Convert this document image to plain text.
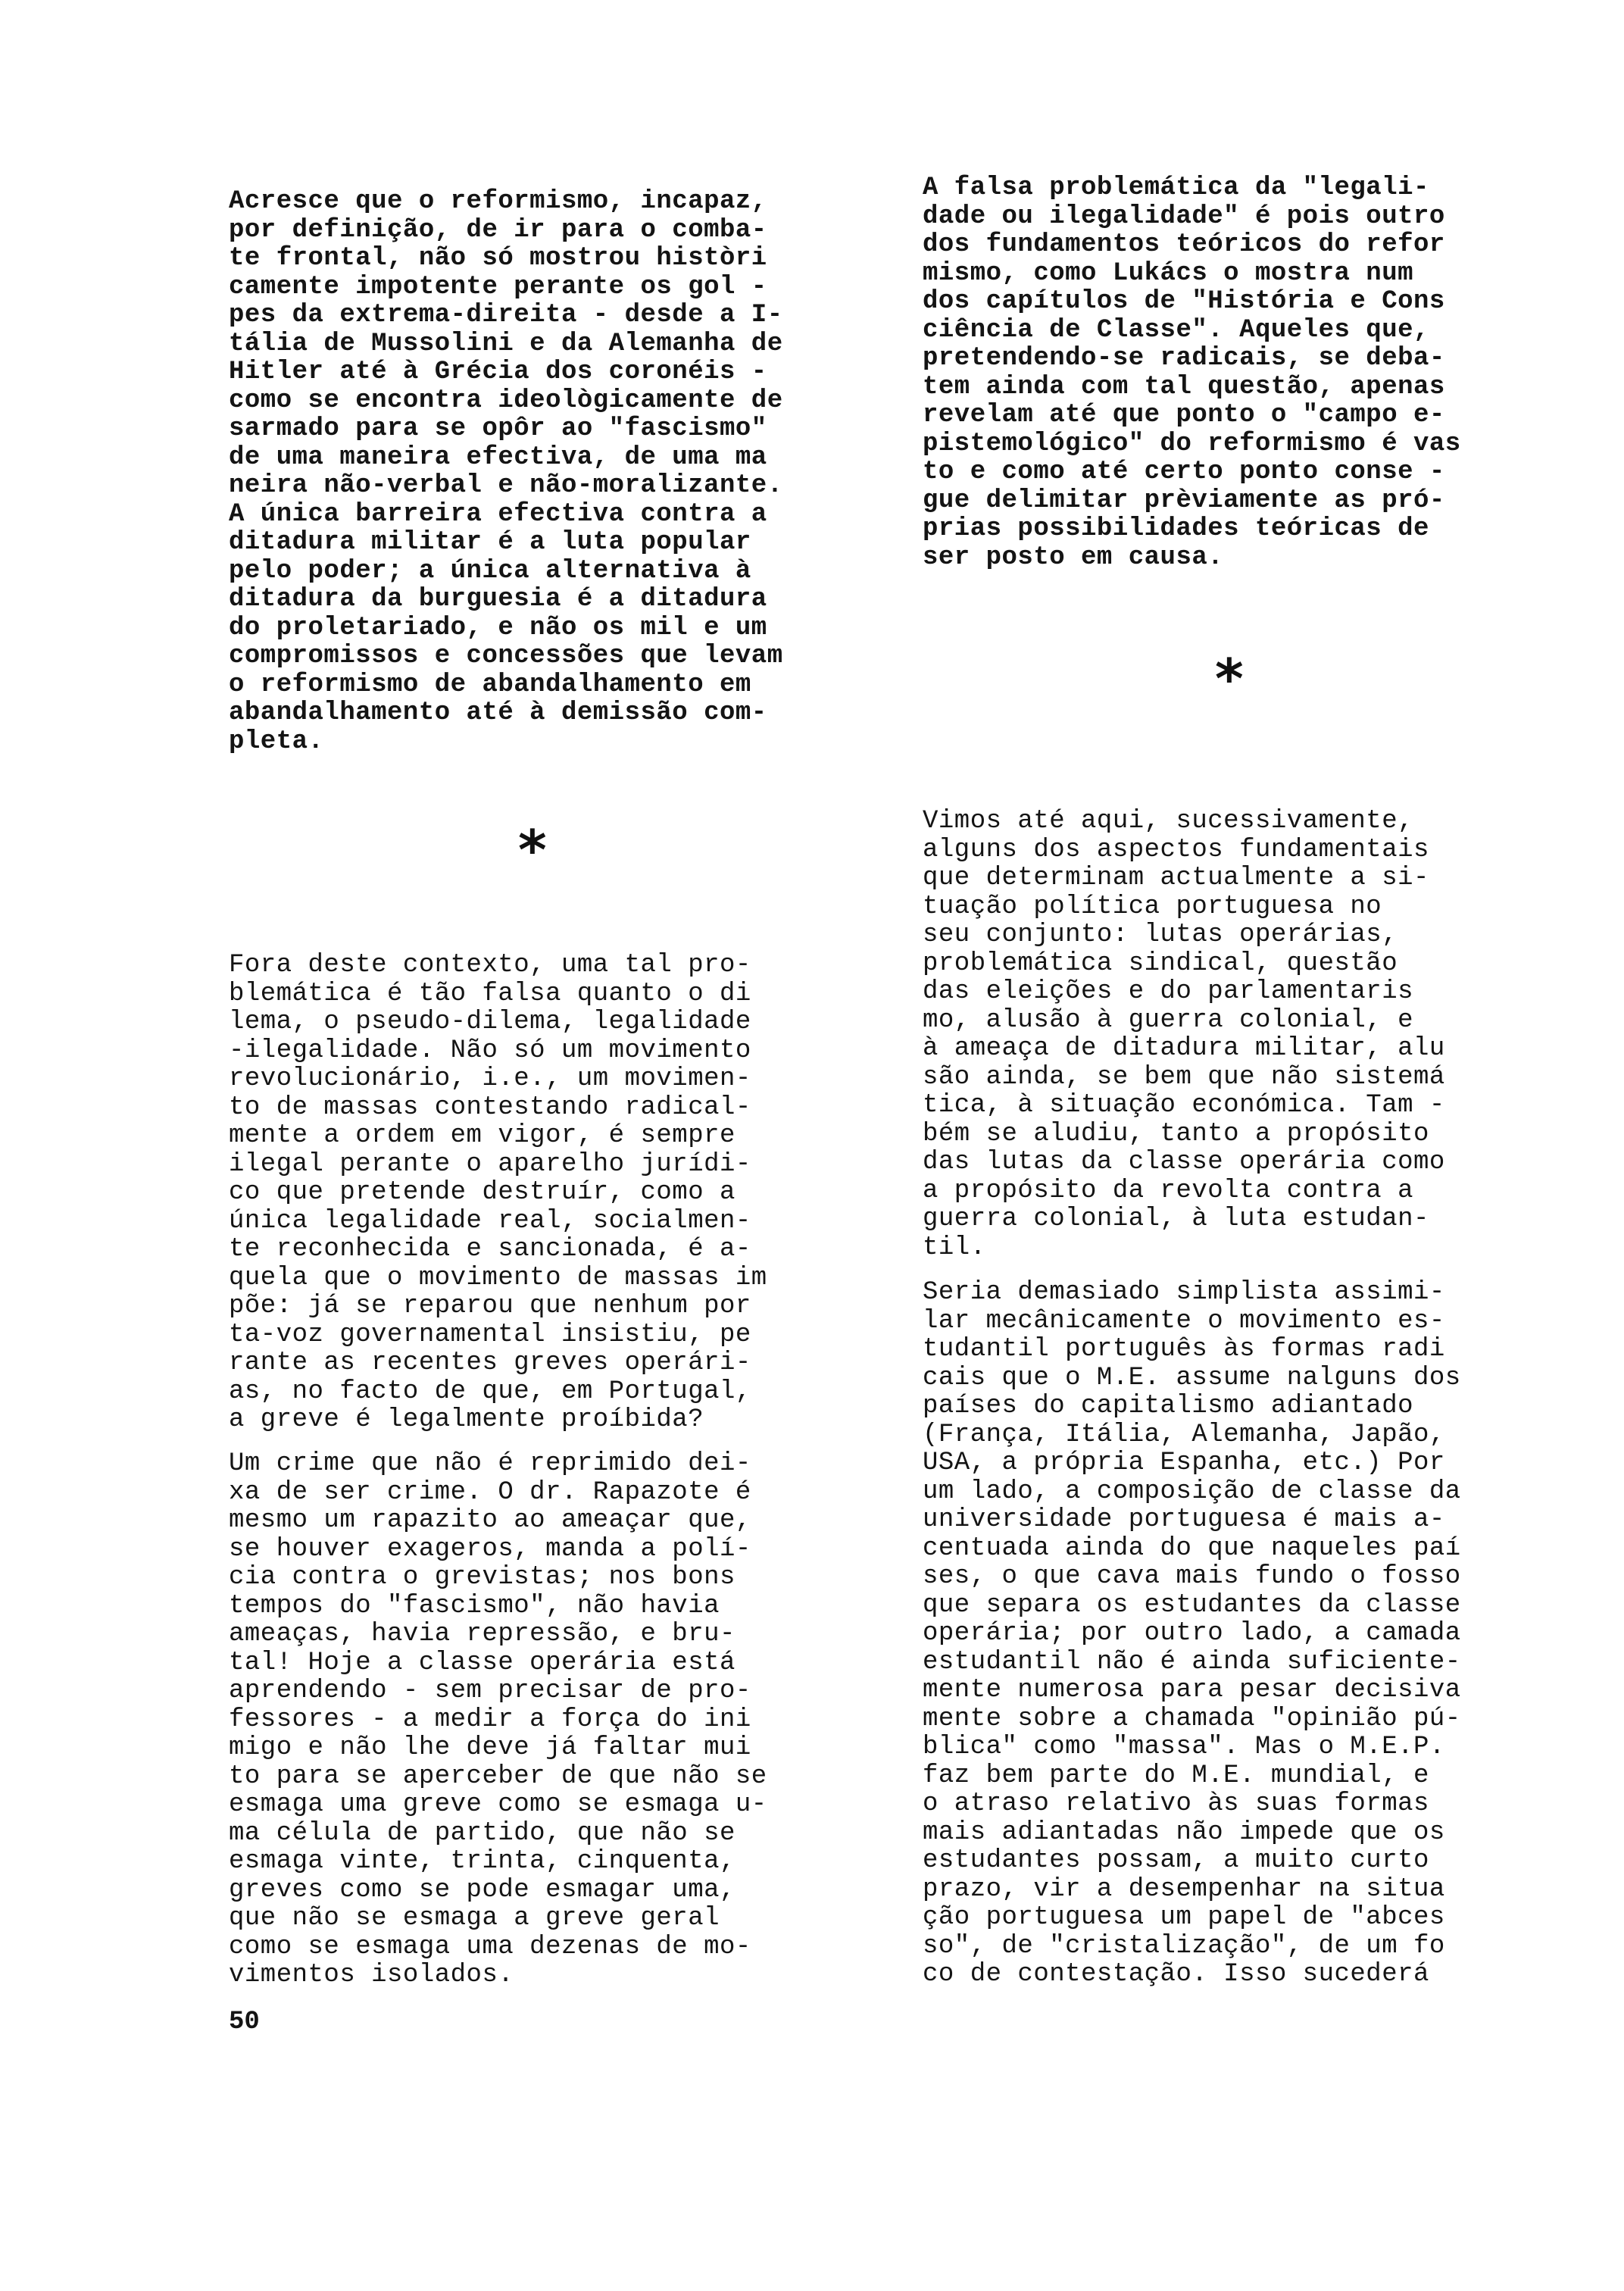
Acresce que o reformismo, incapaz,
por definição, de ir para o comba-
te frontal, não só mostrou històri
camente impotente perante os gol -
pes da extrema-direita - desde a I-
tália de Mussolini e da Alemanha de
Hitler até à Grécia dos coronéis -
como se encontra ideològicamente de
sarmado para se opôr ao "fascismo"
de uma maneira efectiva, de uma ma
neira não-verbal e não-moralizante.
A única barreira efectiva contra a
ditadura militar é a luta popular
pelo poder; a única alternativa à
ditadura da burguesia é a ditadura
do proletariado, e não os mil e um
compromissos e concessões que levam
o reformismo de abandalhamento em
abandalhamento até à demissão com-
pleta.
*
Fora deste contexto, uma tal pro-
blemática é tão falsa quanto o di
lema, o pseudo-dilema, legalidade
-ilegalidade. Não só um movimento
revolucionário, i.e., um movimen-
to de massas contestando radical-
mente a ordem em vigor, é sempre
ilegal perante o aparelho jurídi-
co que pretende destruír, como a
única legalidade real, socialmen-
te reconhecida e sancionada, é a-
quela que o movimento de massas im
põe: já se reparou que nenhum por
ta-voz governamental insistiu, pe
rante as recentes greves operári-
as, no facto de que, em Portugal,
a greve é legalmente proíbida?
Um crime que não é reprimido dei-
xa de ser crime. O dr. Rapazote é
mesmo um rapazito ao ameaçar que,
se houver exageros, manda a polí-
cia contra o grevistas; nos bons
tempos do "fascismo", não havia
ameaças, havia repressão, e bru-
tal! Hoje a classe operária está
aprendendo - sem precisar de pro-
fessores - a medir a força do ini
migo e não lhe deve já faltar mui
to para se aperceber de que não se
esmaga uma greve como se esmaga u-
ma célula de partido, que não se
esmaga vinte, trinta, cinquenta,
greves como se pode esmagar uma,
que não se esmaga a greve geral
como se esmaga uma dezenas de mo-
vimentos isolados.
50
A falsa problemática da "legali-
dade ou ilegalidade" é pois outro
dos fundamentos teóricos do refor
mismo, como Lukács o mostra num
dos capítulos de "História e Cons
ciência de Classe". Aqueles que,
pretendendo-se radicais, se deba-
tem ainda com tal questão, apenas
revelam até que ponto o "campo e-
pistemológico" do reformismo é vas
to e como até certo ponto conse -
gue delimitar prèviamente as pró-
prias possibilidades teóricas de
ser posto em causa.
*
Vimos até aqui, sucessivamente,
alguns dos aspectos fundamentais
que determinam actualmente a si-
tuação política portuguesa no
seu conjunto: lutas operárias,
problemática sindical, questão
das eleições e do parlamentaris
mo, alusão à guerra colonial, e
à ameaça de ditadura militar, alu
são ainda, se bem que não sistemá
tica, à situação económica. Tam -
bém se aludiu, tanto a propósito
das lutas da classe operária como
a propósito da revolta contra a
guerra colonial, à luta estudan-
til.
Seria demasiado simplista assimi-
lar mecânicamente o movimento es-
tudantil português às formas radi
cais que o M.E. assume nalguns dos
países do capitalismo adiantado
(França, Itália, Alemanha, Japão,
USA, a própria Espanha, etc.) Por
um lado, a composição de classe da
universidade portuguesa é mais a-
centuada ainda do que naqueles paí
ses, o que cava mais fundo o fosso
que separa os estudantes da classe
operária; por outro lado, a camada
estudantil não é ainda suficiente-
mente numerosa para pesar decisiva
mente sobre a chamada "opinião pú-
blica" como "massa". Mas o M.E.P.
faz bem parte do M.E. mundial, e
o atraso relativo às suas formas
mais adiantadas não impede que os
estudantes possam, a muito curto
prazo, vir a desempenhar na situa
ção portuguesa um papel de "abces
so", de "cristalização", de um fo
co de contestação. Isso sucederá
